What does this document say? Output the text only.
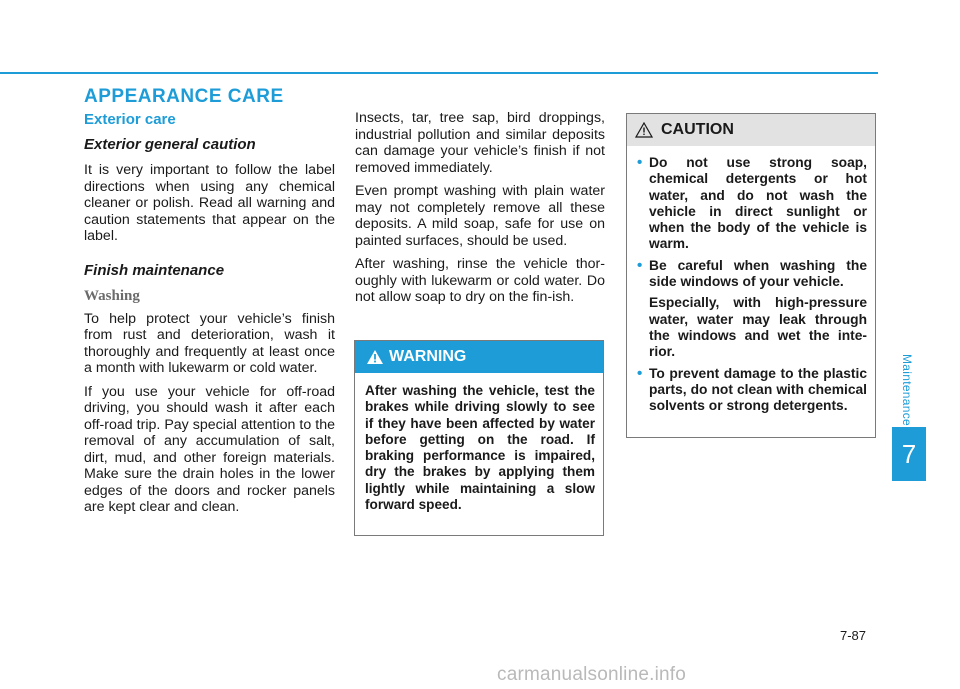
Maintenance
7
APPEARANCE CARE
Exterior care
Exterior general caution

It is very important to follow the label directions when using any chemical cleaner or polish. Read all warning and caution statements that appear on the label.

Finish maintenance
Washing

To help protect your vehicle’s finish from rust and deterioration, wash it thoroughly and frequently at least once a month with lukewarm or cold water.

If you use your vehicle for off-road driving, you should wash it after each off-road trip. Pay special attention to the removal of any accumulation of salt, dirt, mud, and other foreign materials. Make sure the drain holes in the lower edges of the doors and rocker panels are kept clear and clean.

Insects, tar, tree sap, bird droppings, industrial pollution and similar deposits can damage your vehicle’s finish if not removed immediately.

Even prompt washing with plain water may not completely remove all these deposits. A mild soap, safe for use on painted surfaces, should be used.

After washing, rinse the vehicle thor-oughly with lukewarm or cold water. Do not allow soap to dry on the fin-ish.

WARNING
After washing the vehicle, test the brakes while driving slowly to see if they have been affected by water before getting on the road. If braking performance is impaired, dry the brakes by applying them lightly while maintaining a slow forward speed.
CAUTION
• Do not use strong soap, chemical detergents or hot water, and do not wash the vehicle in direct sunlight or when the body of the vehicle is warm.

• Be careful when washing the side windows of your vehicle.

Especially, with high-pressure water, water may leak through the windows and wet the inte-rior.

• To prevent damage to the plastic parts, do not clean with chemical solvents or strong detergents.

7-87
carmanualsonline.info
